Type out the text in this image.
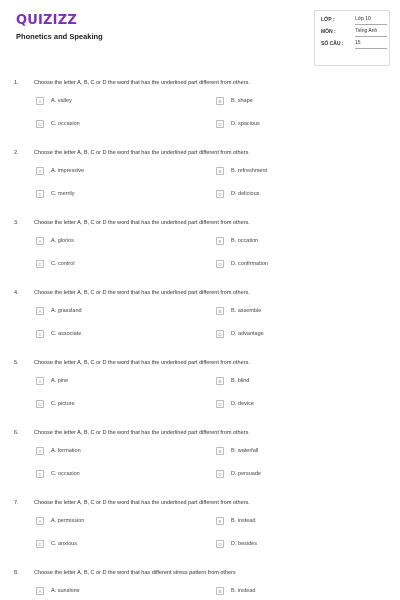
QUIZIZZ
Phonetics and Speaking
LỚP :	Lớp 10
MÔN :	Tiếng Anh
SỐ CÂU : 15
1.	Choose the letter A, B, C or D the word that has the underlined part different from others.
A	A. valley	B	B. shape
C	C. occasion	D	D. spacious
2.	Choose the letter A, B, C or D the word that has the underlined part different from others.
A	A. impressive	B	B. refreshment
C	C. merrily	D	D. delicious
3.	Choose the letter A, B, C or D the word that has the underlined part different from others.
A	A. glorios	B	B. occation
C	C. control	D	D. confirmation
4.	Choose the letter A, B, C or D the word that has the underlined part different from others.
A	A. grassland	B	B. assemble
C	C. associate	D	D. advantage
5.	Choose the letter A, B, C or D the word that has the underlined part different from others.
A	A. pine	B	B. blind
C	C. picture	D	D. device
6.	Choose the letter A, B, C or D the word that has the underlined part different from others.
A	A. formation	B	B. waterfall
C	C. occasion	D	D. persuade
7.	Choose the letter A, B, C or D the word that has the underlined part different from others.
A	A. permission	B	B. instead
C	C. anxious	D	D. besides
8.	Choose the letter A, B, C or D the word that has different stress pattern from others
A	A. sunshine	B	B. instead
